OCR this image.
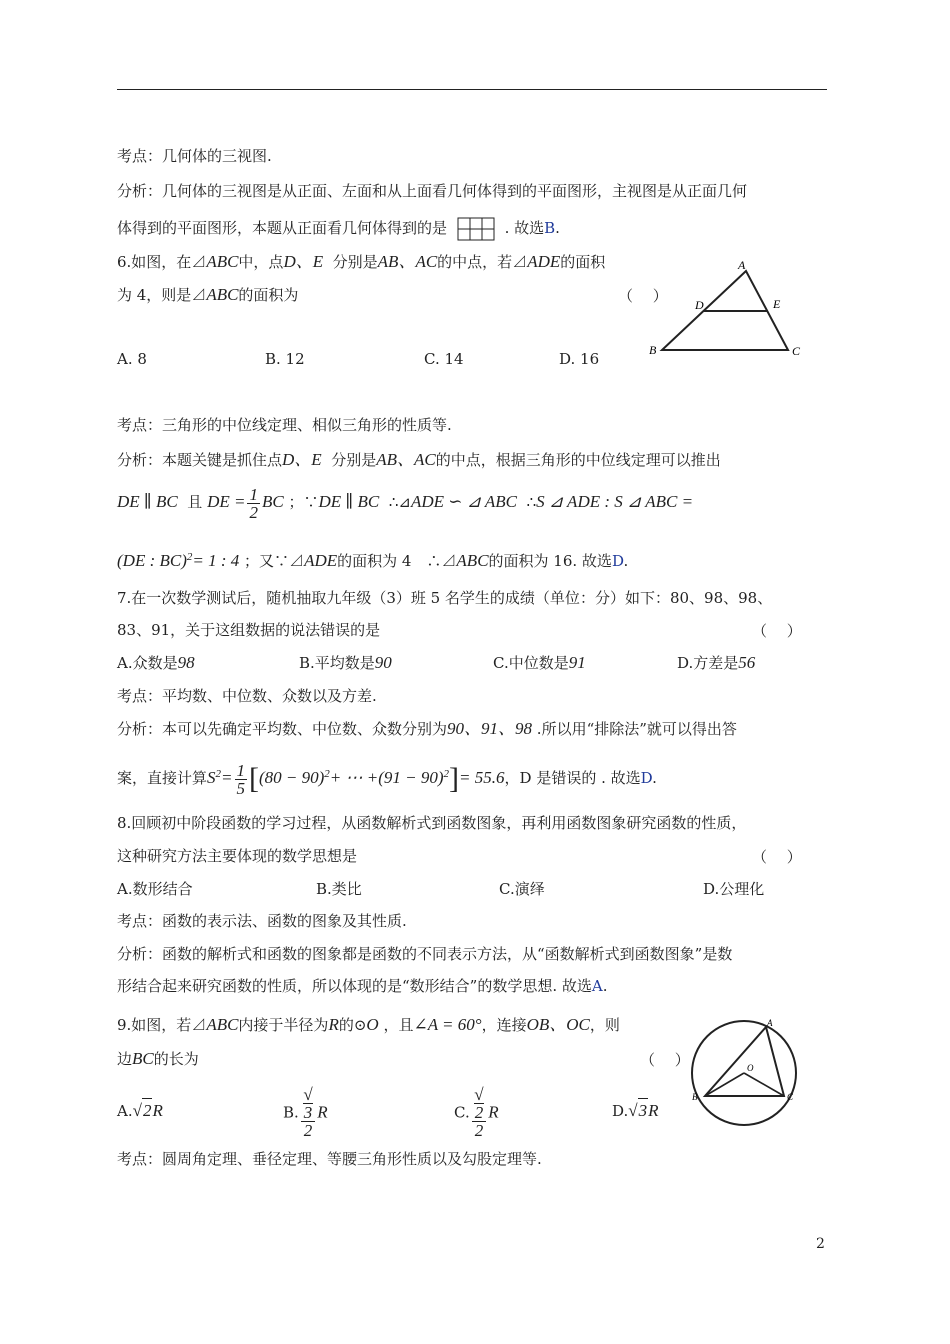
考点：几何体的三视图.
分析：几何体的三视图是从正面、左面和从上面看几何体得到的平面图形，主视图是从正面几何
体得到的平面图形，本题从正面看几何体得到的是	. 故选B.
6.如图，在⊿ABC中，点D、E 分别是AB、AC的中点，若⊿ADE的面积
为 4，则是⊿ABC的面积为	（　 ）
A
D	E
B	C
A. 8	B. 12	C. 14	D. 16
考点：三角形的中位线定理、相似三角形的性质等.
分析：本题关键是抓住点D、E 分别是AB、AC的中点，根据三角形的中位线定理可以推出
DE ∥ BC 且 DE = $\frac{1}{2}$ BC ；∵DE ∥ BC ∴⊿ADE ∽ ⊿ ABC ∴S ⊿ ADE : S ⊿ ABC =
(DE : BC)$^2$= 1 : 4 ；又∵⊿ADE的面积为 4　∴⊿ABC的面积为 16. 故选D.
7.在一次数学测试后，随机抽取九年级（3）班 5 名学生的成绩（单位：分）如下：80、98、98、
83、91，关于这组数据的说法错误的是	（　 ）
A.众数是98	B.平均数是90	C.中位数是91	D.方差是56
考点：平均数、中位数、众数以及方差.
分析：本可以先确定平均数、中位数、众数分别为90、91、98 .所以用“排除法”就可以得出答
案，直接计算$S^2= \frac{1}{5} [(80 - 90)^2+$ ⋯ $+(91 - 90)^2]= 55.6$，D 是错误的 . 故选D.
8.回顾初中阶段函数的学习过程，从函数解析式到函数图象，再利用函数图象研究函数的性质，
这种研究方法主要体现的数学思想是	（　 ）
A.数形结合	B.类比	C.演绎	D.公理化
考点：函数的表示法、函数的图象及其性质.
分析：函数的解析式和函数的图象都是函数的不同表示方法，从“函数解析式到函数图象”是数
形结合起来研究函数的性质，所以体现的是“数形结合”的数学思想. 故选A.
9.如图，若⊿ABC内接于半径为R的⊙O ，且∠A = 60°，连接OB、OC，则
边BC的长为	（　 ）
A
O
B	C
A.√2R	B. √
3
2 R	C. √
2
2 R	D.√3R
考点：圆周角定理、垂径定理、等腰三角形性质以及勾股定理等.
2
